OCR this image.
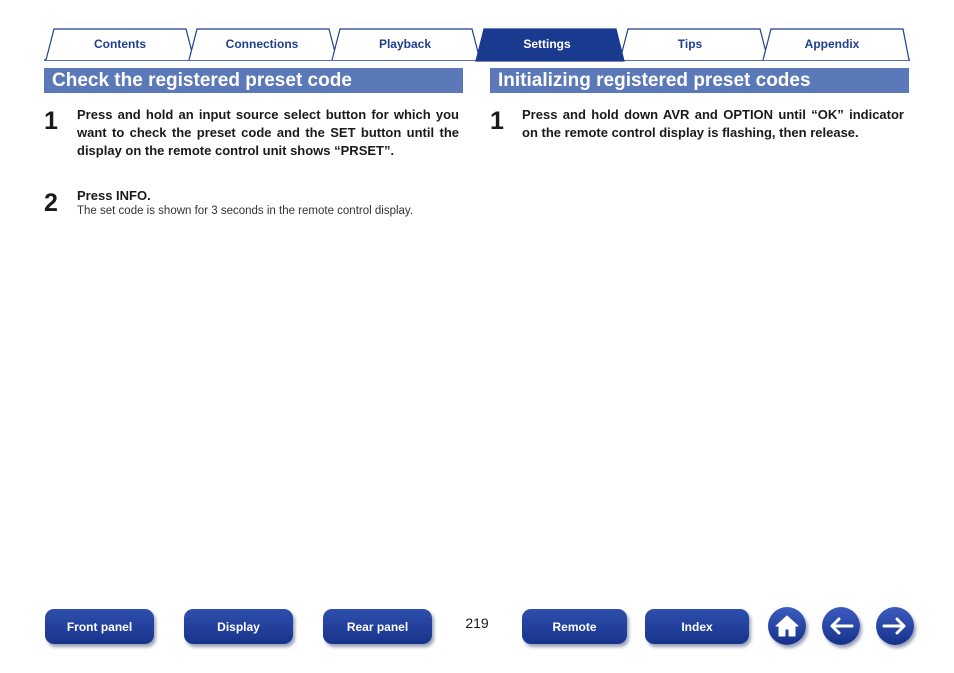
Contents	Connections	Playback	Settings	Tips	Appendix
Check the registered preset code
1 Press and hold an input source select button for which you want to check the preset code and the SET button until the display on the remote control unit shows “PRSET”.
2 Press INFO.
The set code is shown for 3 seconds in the remote control display.
Initializing registered preset codes
1 Press and hold down AVR and OPTION until “OK” indicator on the remote control display is flashing, then release.
Front panel	Display	Rear panel	219	Remote	Index
